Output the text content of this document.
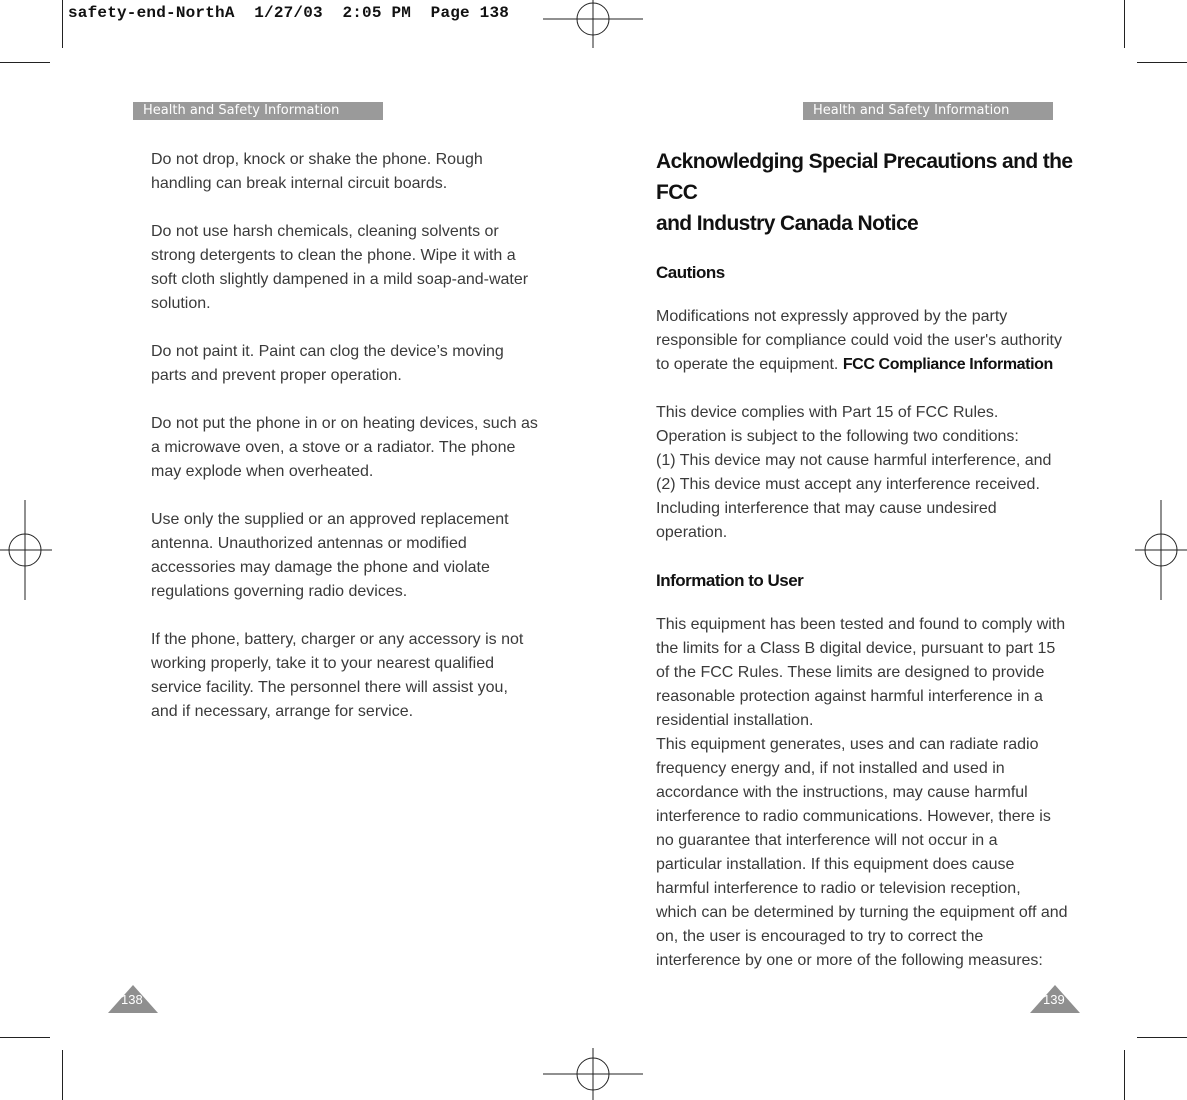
safety-end-NorthA  1/27/03  2:05 PM  Page 138
Health and Safety Information
Do not drop, knock or shake the phone. Rough
handling can break internal circuit boards.
Do not use harsh chemicals, cleaning solvents or
strong detergents to clean the phone. Wipe it with a
soft cloth slightly dampened in a mild soap-and-water
solution.
Do not paint it. Paint can clog the device’s moving
parts and prevent proper operation.
Do not put the phone in or on heating devices, such as
a microwave oven, a stove or a radiator. The phone
may explode when overheated.
Use only the supplied or an approved replacement
antenna. Unauthorized antennas or modified
accessories may damage the phone and violate
regulations governing radio devices.
If the phone, battery, charger or any accessory is not
working properly, take it to your nearest qualified
service facility. The personnel there will assist you,
and if necessary, arrange for service.
138
Health and Safety Information
Acknowledging Special Precautions and the FCC
and Industry Canada Notice
Cautions
Modifications not expressly approved by the party
responsible for compliance could void the user's authority
to operate the equipment. FCC Compliance Information
This device complies with Part 15 of FCC Rules.
Operation is subject to the following two conditions:
(1) This device may not cause harmful interference, and
(2) This device must accept any interference received.
Including interference that may cause undesired
operation.
Information to User
This equipment has been tested and found to comply with
the limits for a Class B digital device, pursuant to part 15
of the FCC Rules. These limits are designed to provide
reasonable protection against harmful interference in a
residential installation.
This equipment generates, uses and can radiate radio
frequency energy and, if not installed and used in
accordance with the instructions, may cause harmful
interference to radio communications. However, there is
no guarantee that interference will not occur in a
particular installation. If this equipment does cause
harmful interference to radio or television reception,
which can be determined by turning the equipment off and
on, the user is encouraged to try to correct the
interference by one or more of the following measures:
139
